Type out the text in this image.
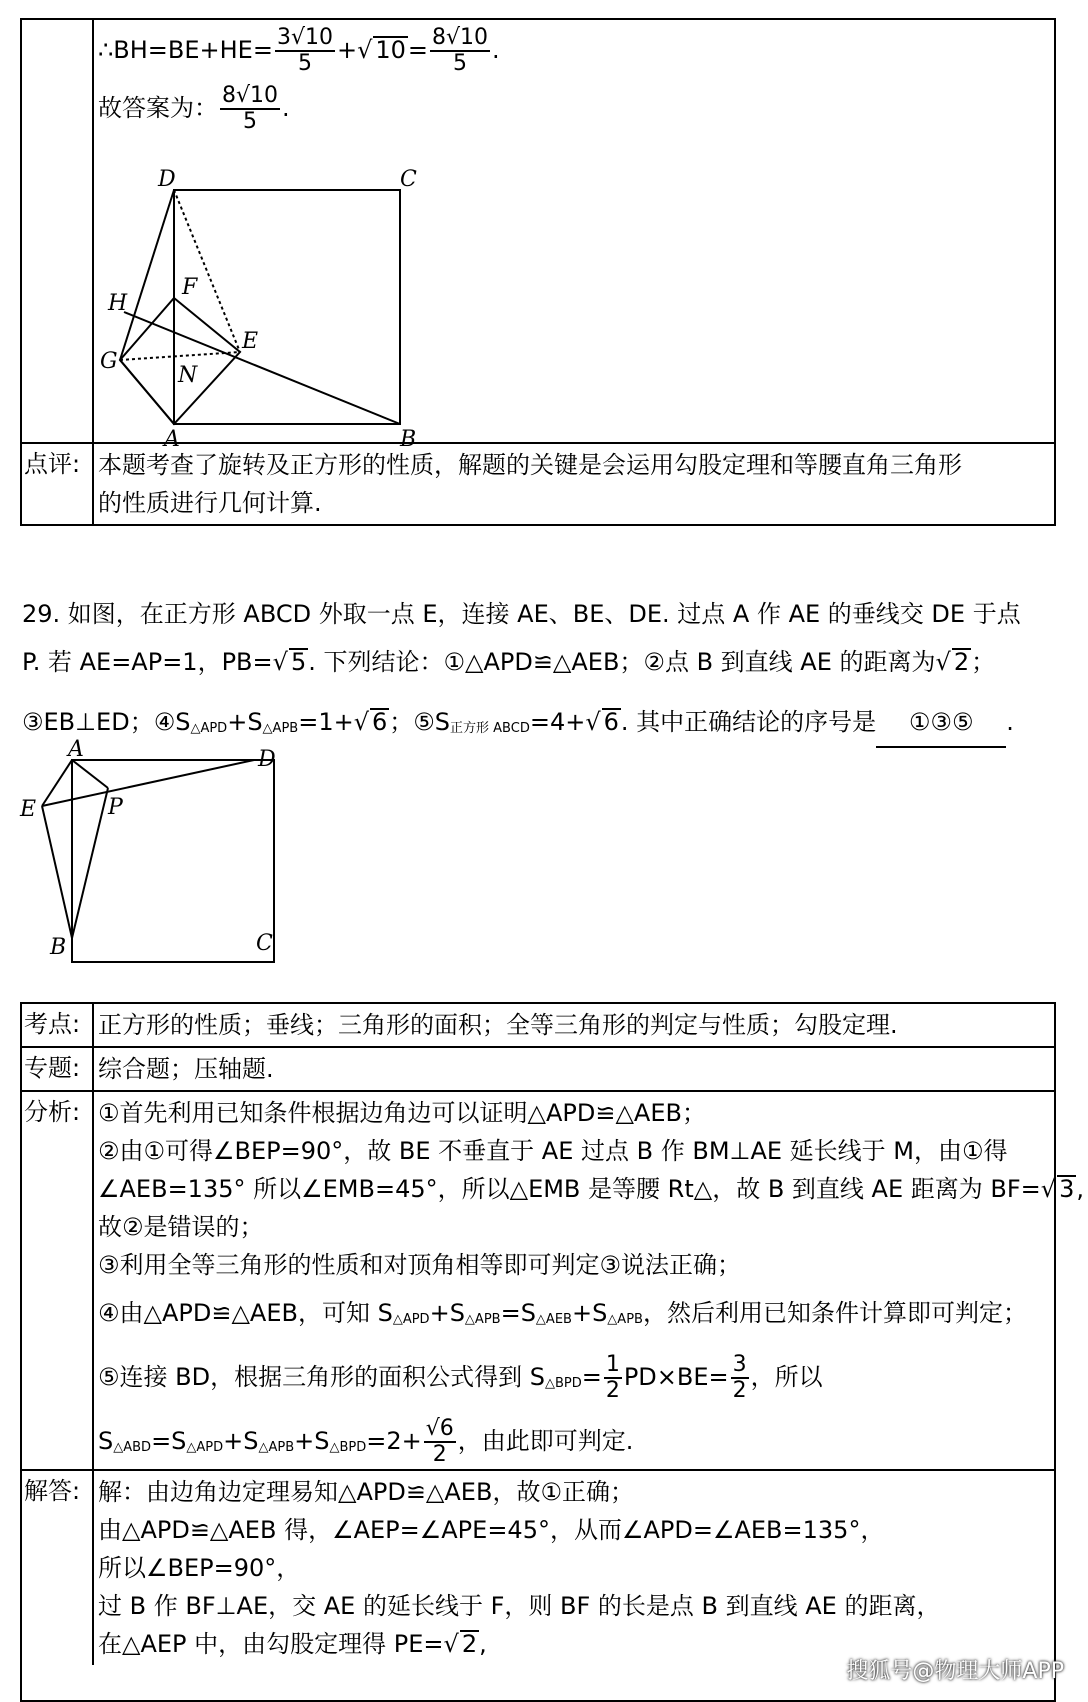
∴BH=BE+HE= $\frac{3√10}{5}$ +√ $10= \frac{8√10}{5}$ .
故答案为： $\frac{8√10}{5}$ .
D	C
F
H
E
G
N
A	B
点评: 本题考查了旋转及正方形的性质，解题的关键是会运用勾股定理和等腰直角三角形
的性质进行几何计算.
29. 如图，在正方形 ABCD 外取一点 E，连接 AE、BE、DE. 过点 A 作 AE 的垂线交 DE 于点
P. 若 AE=AP=1，PB=√ 5. 下列结论：①△APD≌△AEB；②点 B 到直线 AE 的距离为√ 2；
③EB⊥ED；$④S_{\triangle APD}+S_{\triangle APB}=1+√$ 6；$⑤S_{正方形 ABCD}=4+√$ 6. 其中正确结论的序号是 ①③⑤ .
A	D
E	P
B	C
考点: 正方形的性质；垂线；三角形的面积；全等三角形的判定与性质；勾股定理.
专题: 综合题；压轴题.
分析: ①首先利用已知条件根据边角边可以证明△APD≌△AEB；
②由①可得∠BEP=90°，故 BE 不垂直于 AE 过点 B 作 BM⊥AE 延长线于 M，由①得
∠AEB=135° 所以∠EMB=45°，所以△EMB 是等腰 Rt△，故 B 到直线 AE 距离为 BF=√ 3,
故②是错误的；
③利用全等三角形的性质和对顶角相等即可判定③说法正确；
④由△APD≌△AEB，可知 $S_{\triangle APD}+S_{\triangle APB}=S_{\triangle AEB}+S_{\triangle APB}$，然后利用已知条件计算即可判定；
⑤连接 BD，根据三角形的面积公式得到 $S_{\triangle BPD}= \frac{1}{2} PD\times BE= \frac{3}{2}$ ，所以
$S_{\triangle ABD}=S_{\triangle APD}+S_{\triangle APB}+S_{\triangle BPD}=2+ \frac{√6}{2}$ ，由此即可判定.
解答: 解：由边角边定理易知△APD≌△AEB，故①正确；
由△APD≌△AEB 得，∠AEP=∠APE=45°，从而∠APD=∠AEB=135°，
所以∠BEP=90°，
过 B 作 BF⊥AE，交 AE 的延长线于 F，则 BF 的长是点 B 到直线 AE 的距离，
在△AEP 中，由勾股定理得 PE=√ 2,
搜狐号@物理大师APP
